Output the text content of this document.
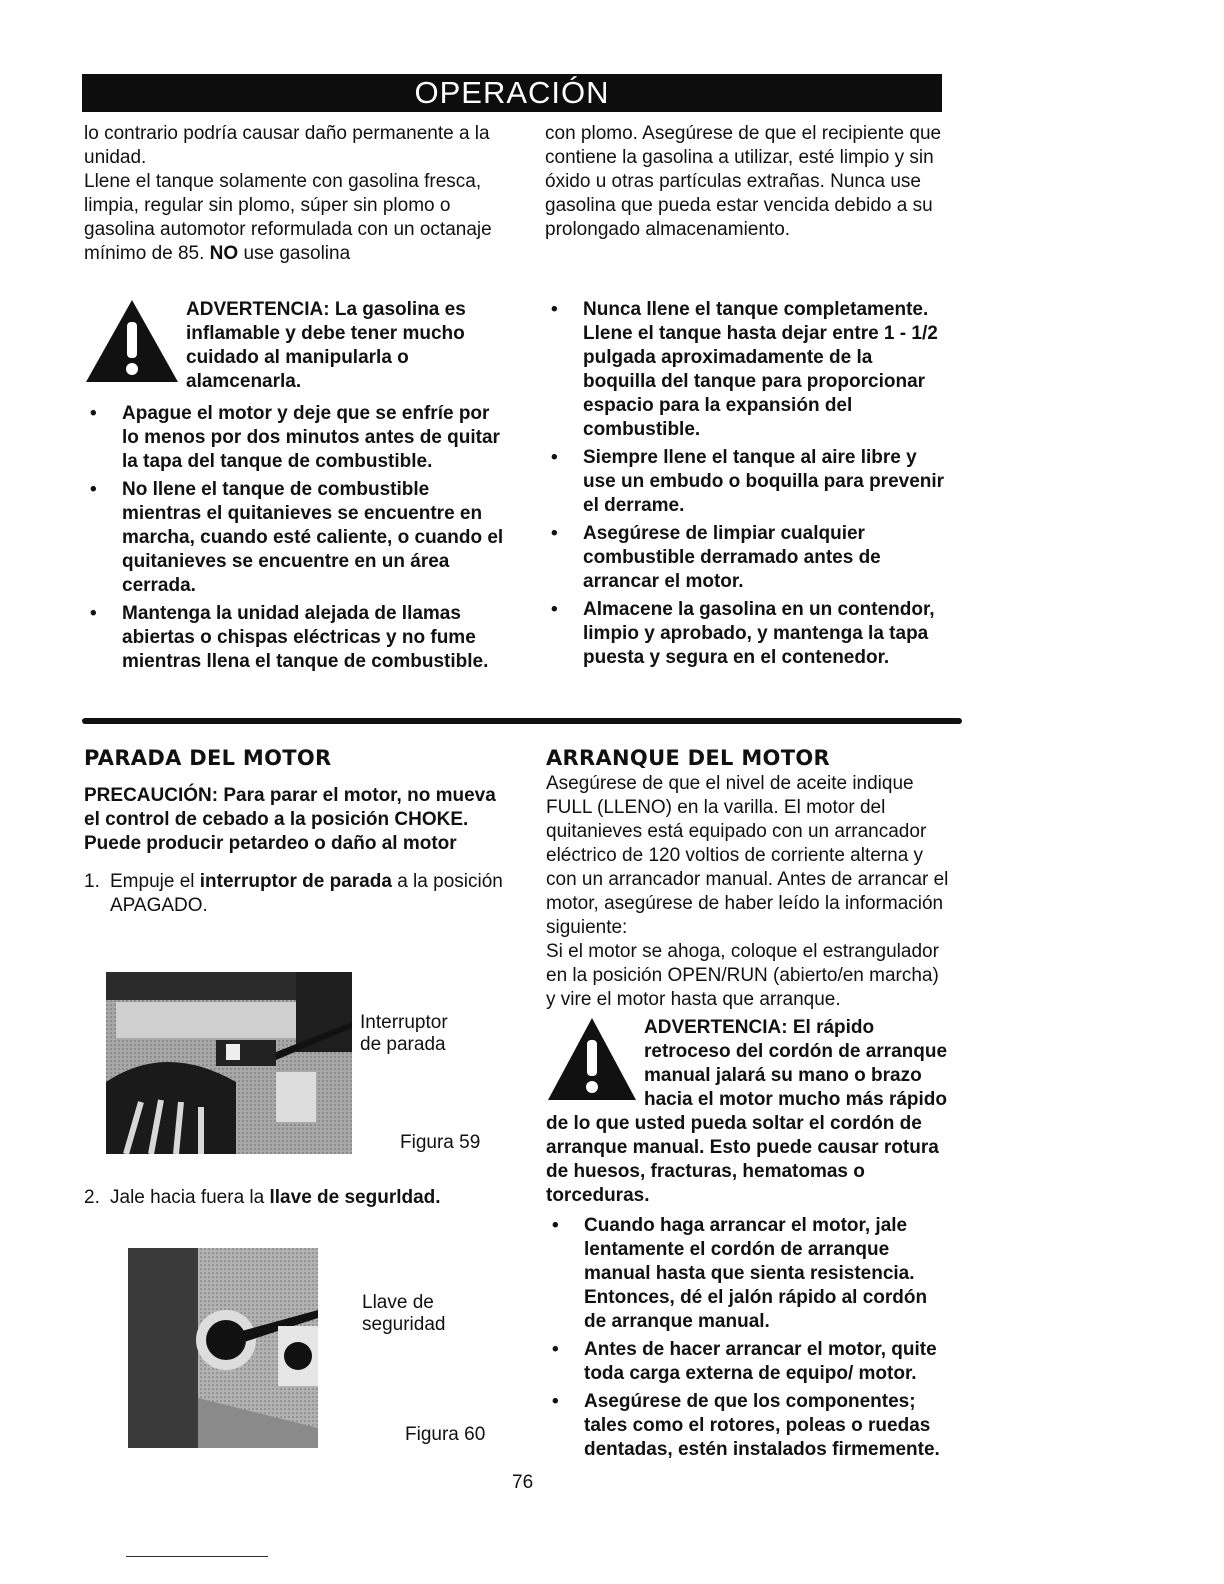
OPERACIÓN

lo contrario podría causar daño permanente a la unidad.

Llene el tanque solamente con gasolina fresca, limpia, regular sin plomo, súper sin plomo o gasolina automotor reformulada con un octanaje mínimo de 85. NO use gasolina

con plomo. Asegúrese de que el recipiente que contiene la gasolina a utilizar, esté limpio y sin óxido u otras partículas extrañas. Nunca use gasolina que pueda estar vencida debido a su prolongado almacenamiento.

ADVERTENCIA: La gasolina es inflamable y debe tener mucho cuidado al manipularla o alamcenarla.
• Apague el motor y deje que se enfríe por lo menos por dos minutos antes de quitar la tapa del tanque de combustible.
• No llene el tanque de combustible mientras el quitanieves se encuentre en marcha, cuando esté caliente, o cuando el quitanieves se encuentre en un área cerrada.
• Mantenga la unidad alejada de llamas abiertas o chispas eléctricas y no fume mientras llena el tanque de combustible.
• Nunca llene el tanque completamente. Llene el tanque hasta dejar entre 1 - 1/2 pulgada aproximadamente de la boquilla del tanque para proporcionar espacio para la expansión del combustible.
• Siempre llene el tanque al aire libre y use un embudo o boquilla para prevenir el derrame.
• Asegúrese de limpiar cualquier combustible derramado antes de arrancar el motor.
• Almacene la gasolina en un contendor, limpio y aprobado, y mantenga la tapa puesta y segura en el contenedor.
PARADA DEL MOTOR

PRECAUCIÓN: Para parar el motor, no mueva el control de cebado a la posición CHOKE. Puede producir petardeo o daño al motor

1. Empuje el interruptor de parada a la posición APAGADO.
Interruptor de parada
Figura 59
2. Jale hacia fuera la llave de segurldad.
Llave de seguridad
Figura 60
ARRANQUE DEL MOTOR

Asegúrese de que el nivel de aceite indique FULL (LLENO) en la varilla. El motor del quitanieves está equipado con un arrancador eléctrico de 120 voltios de corriente alterna y con un arrancador manual. Antes de arrancar el motor, asegúrese de haber leído la información siguiente:

Si el motor se ahoga, coloque el estrangulador en la posición OPEN/RUN (abierto/en marcha) y vire el motor hasta que arranque.

ADVERTENCIA: El rápido retroceso del cordón de arranque manual jalará su mano o brazo hacia el motor mucho más rápido de lo que usted pueda soltar el cordón de arranque manual. Esto puede causar rotura de huesos, fracturas, hematomas o torceduras.
• Cuando haga arrancar el motor, jale lentamente el cordón de arranque manual hasta que sienta resistencia. Entonces, dé el jalón rápido al cordón de arranque manual.
• Antes de hacer arrancar el motor, quite toda carga externa de equipo/ motor.
• Asegúrese de que los componentes; tales como el rotores, poleas o ruedas dentadas, estén instalados firmemente.
76
